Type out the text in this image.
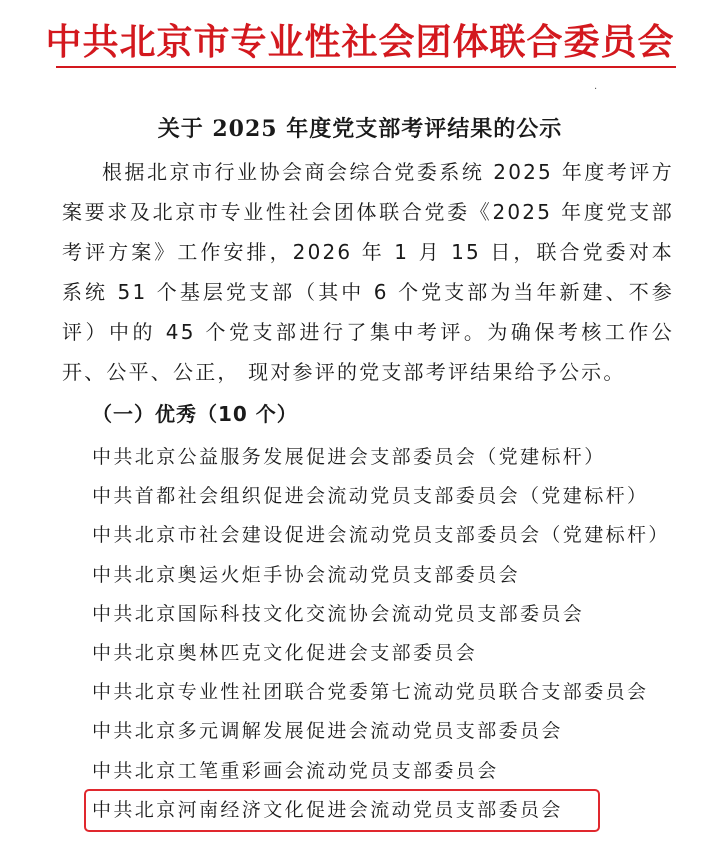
中共北京市专业性社会团体联合委员会
·
关于 2025 年度党支部考评结果的公示

根据北京市行业协会商会综合党委系统 2025 年度考评方案要求及北京市专业性社会团体联合党委《2025 年度党支部考评方案》工作安排，2026 年 1 月 15 日，联合党委对本系统 51 个基层党支部（其中 6 个党支部为当年新建、不参评）中的 45 个党支部进行了集中考评。为确保考核工作公开、公平、公正， 现对参评的党支部考评结果给予公示。

（一）优秀（10 个）
中共北京公益服务发展促进会支部委员会（党建标杆）
中共首都社会组织促进会流动党员支部委员会（党建标杆）
中共北京市社会建设促进会流动党员支部委员会（党建标杆）
中共北京奥运火炬手协会流动党员支部委员会
中共北京国际科技文化交流协会流动党员支部委员会
中共北京奥林匹克文化促进会支部委员会
中共北京专业性社团联合党委第七流动党员联合支部委员会
中共北京多元调解发展促进会流动党员支部委员会
中共北京工笔重彩画会流动党员支部委员会
中共北京河南经济文化促进会流动党员支部委员会
